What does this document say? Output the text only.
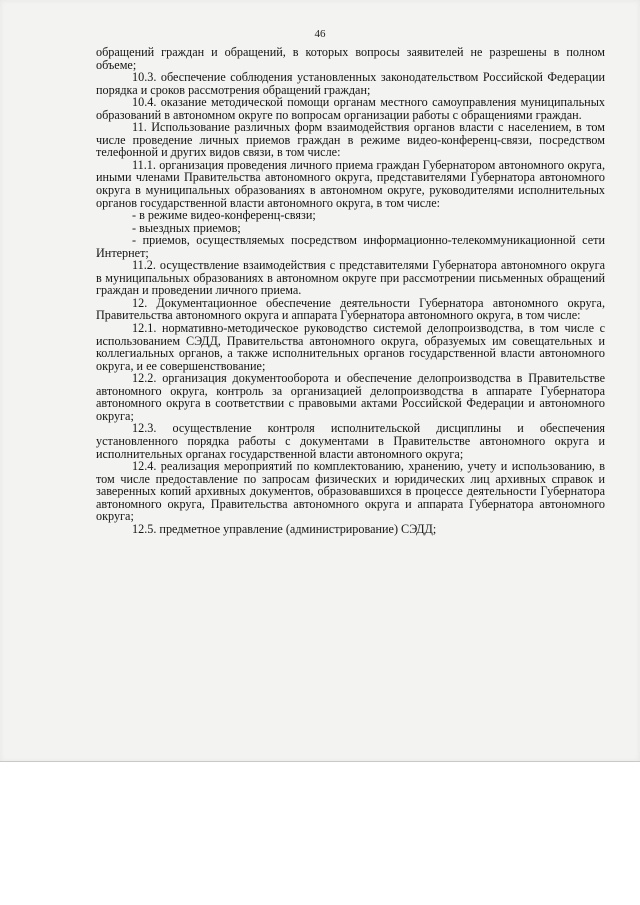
46

обращений граждан и обращений, в которых вопросы заявителей не разрешены в полном объеме;

10.3. обеспечение соблюдения установленных законодательством Российской Федерации порядка и сроков рассмотрения обращений граждан;

10.4. оказание методической помощи органам местного самоуправления муниципальных образований в автономном округе по вопросам организации работы с обращениями граждан.

11. Использование различных форм взаимодействия органов власти с населением, в том числе проведение личных приемов граждан в режиме видео-конференц-связи, посредством телефонной и других видов связи, в том числе:

11.1. организация проведения личного приема граждан Губернатором автономного округа, иными членами Правительства автономного округа, представителями Губернатора автономного округа в муниципальных образованиях в автономном округе, руководителями исполнительных органов государственной власти автономного округа, в том числе:

- в режиме видео-конференц-связи;

- выездных приемов;

- приемов, осуществляемых посредством информационно-телекоммуникационной сети Интернет;

11.2. осуществление взаимодействия с представителями Губернатора автономного округа в муниципальных образованиях в автономном округе при рассмотрении письменных обращений граждан и проведении личного приема.

12. Документационное обеспечение деятельности Губернатора автономного округа, Правительства автономного округа и аппарата Губернатора автономного округа, в том числе:

12.1. нормативно-методическое руководство системой делопроизводства, в том числе с использованием СЭДД, Правительства автономного округа, образуемых им совещательных и коллегиальных органов, а также исполнительных органов государственной власти автономного округа, и ее совершенствование;

12.2. организация документооборота и обеспечение делопроизводства в Правительстве автономного округа, контроль за организацией делопроизводства в аппарате Губернатора автономного округа в соответствии с правовыми актами Российской Федерации и автономного округа;

12.3. осуществление контроля исполнительской дисциплины и обеспечения установленного порядка работы с документами в Правительстве автономного округа и исполнительных органах государственной власти автономного округа;

12.4. реализация мероприятий по комплектованию, хранению, учету и использованию, в том числе предоставление по запросам физических и юридических лиц архивных справок и заверенных копий архивных документов, образовавшихся в процессе деятельности Губернатора автономного округа, Правительства автономного округа и аппарата Губернатора автономного округа;

12.5. предметное управление (администрирование) СЭДД;
